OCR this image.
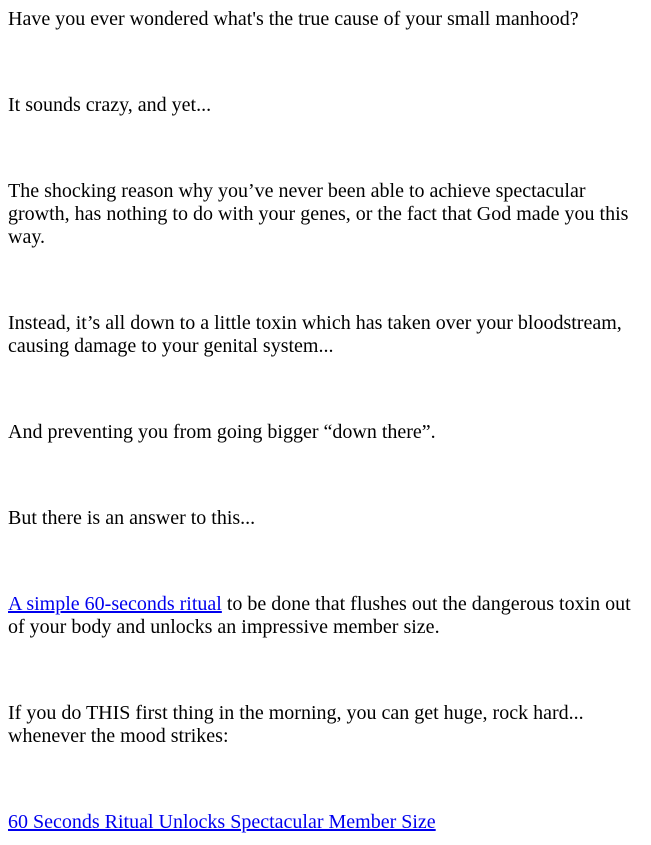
Have you ever wondered what's the true cause of your small manhood?
It sounds crazy, and yet...
The shocking reason why you’ve never been able to achieve spectacular
growth, has nothing to do with your genes, or the fact that God made you this
way.
Instead, it’s all down to a little toxin which has taken over your bloodstream,
causing damage to your genital system...
And preventing you from going bigger “down there”.
But there is an answer to this...
A simple 60-seconds ritual to be done that flushes out the dangerous toxin out
of your body and unlocks an impressive member size.
If you do THIS first thing in the morning, you can get huge, rock hard...
whenever the mood strikes:
60 Seconds Ritual Unlocks Spectacular Member Size
